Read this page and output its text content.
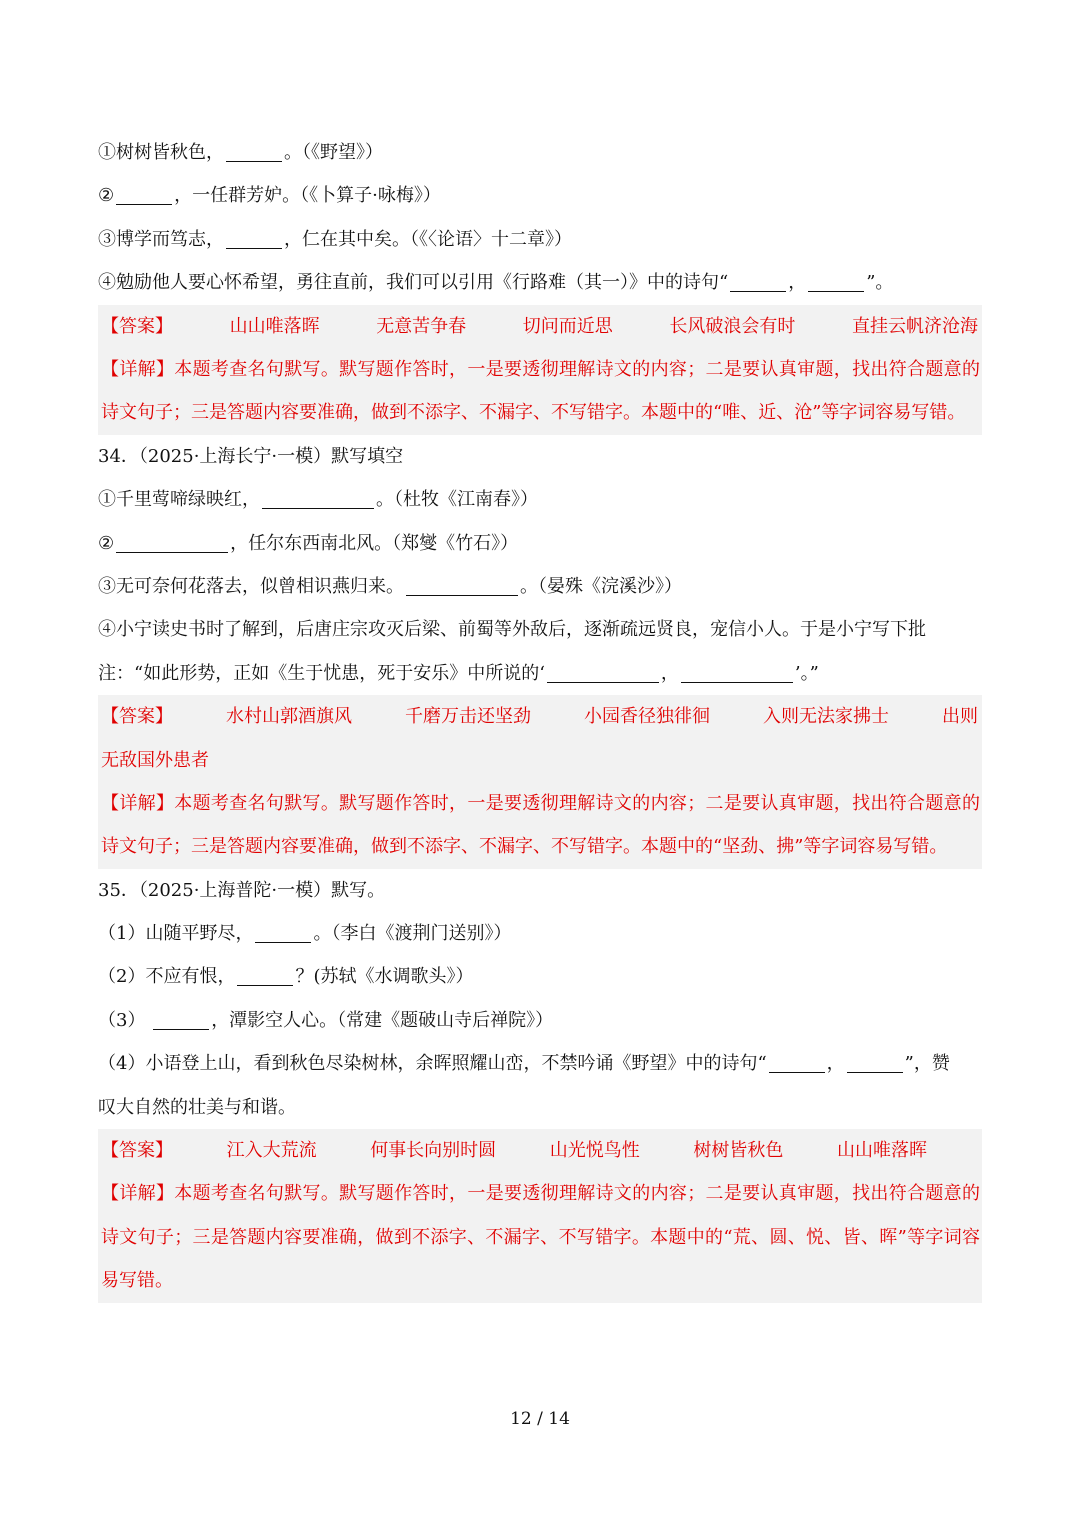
①树树皆秋色，	。（《野望》）
②	，一任群芳妒。（《卜算子·咏梅》）
③博学而笃志，	，仁在其中矣。（《〈论语〉十二章》）
④勉励他人要心怀希望，勇往直前，我们可以引用《行路难（其一）》中的诗句“	，	”。
【答案】	山山唯落晖	无意苦争春	切问而近思	长风破浪会有时	直挂云帆济沧海
【详解】本题考查名句默写。默写题作答时，一是要透彻理解诗文的内容；二是要认真审题，找出符合题意的诗文句子；三是答题内容要准确，做到不添字、不漏字、不写错字。本题中的“唯、近、沧”等字词容易写错。
34．（2025·上海长宁·一模）默写填空
①千里莺啼绿映红，	。（杜牧《江南春》）
②	，任尔东西南北风。（郑燮《竹石》）
③无可奈何花落去，似曾相识燕归来。	。（晏殊《浣溪沙》）
④小宁读史书时了解到，后唐庄宗攻灭后梁、前蜀等外敌后，逐渐疏远贤良，宠信小人。于是小宁写下批
注：“如此形势，正如《生于忧患，死于安乐》中所说的‘	，	’。”
【答案】	水村山郭酒旗风	千磨万击还坚劲	小园香径独徘徊	入则无法家拂士	出则
无敌国外患者
【详解】本题考查名句默写。默写题作答时，一是要透彻理解诗文的内容；二是要认真审题，找出符合题意的诗文句子；三是答题内容要准确，做到不添字、不漏字、不写错字。本题中的“坚劲、拂”等字词容易写错。
35．（2025·上海普陀·一模）默写。
（1）山随平野尽，	。（李白《渡荆门送别》）
（2）不应有恨，	？(苏轼《水调歌头》）
（3）	，潭影空人心。（常建《题破山寺后禅院》）
（4）小语登上山，看到秋色尽染树林，余晖照耀山峦，不禁吟诵《野望》中的诗句“	，	”，赞
叹大自然的壮美与和谐。
【答案】	江入大荒流	何事长向别时圆	山光悦鸟性	树树皆秋色	山山唯落晖
【详解】本题考查名句默写。默写题作答时，一是要透彻理解诗文的内容；二是要认真审题，找出符合题意的诗文句子；三是答题内容要准确，做到不添字、不漏字、不写错字。本题中的“荒、圆、悦、皆、晖”等字词容易写错。
12 / 14
